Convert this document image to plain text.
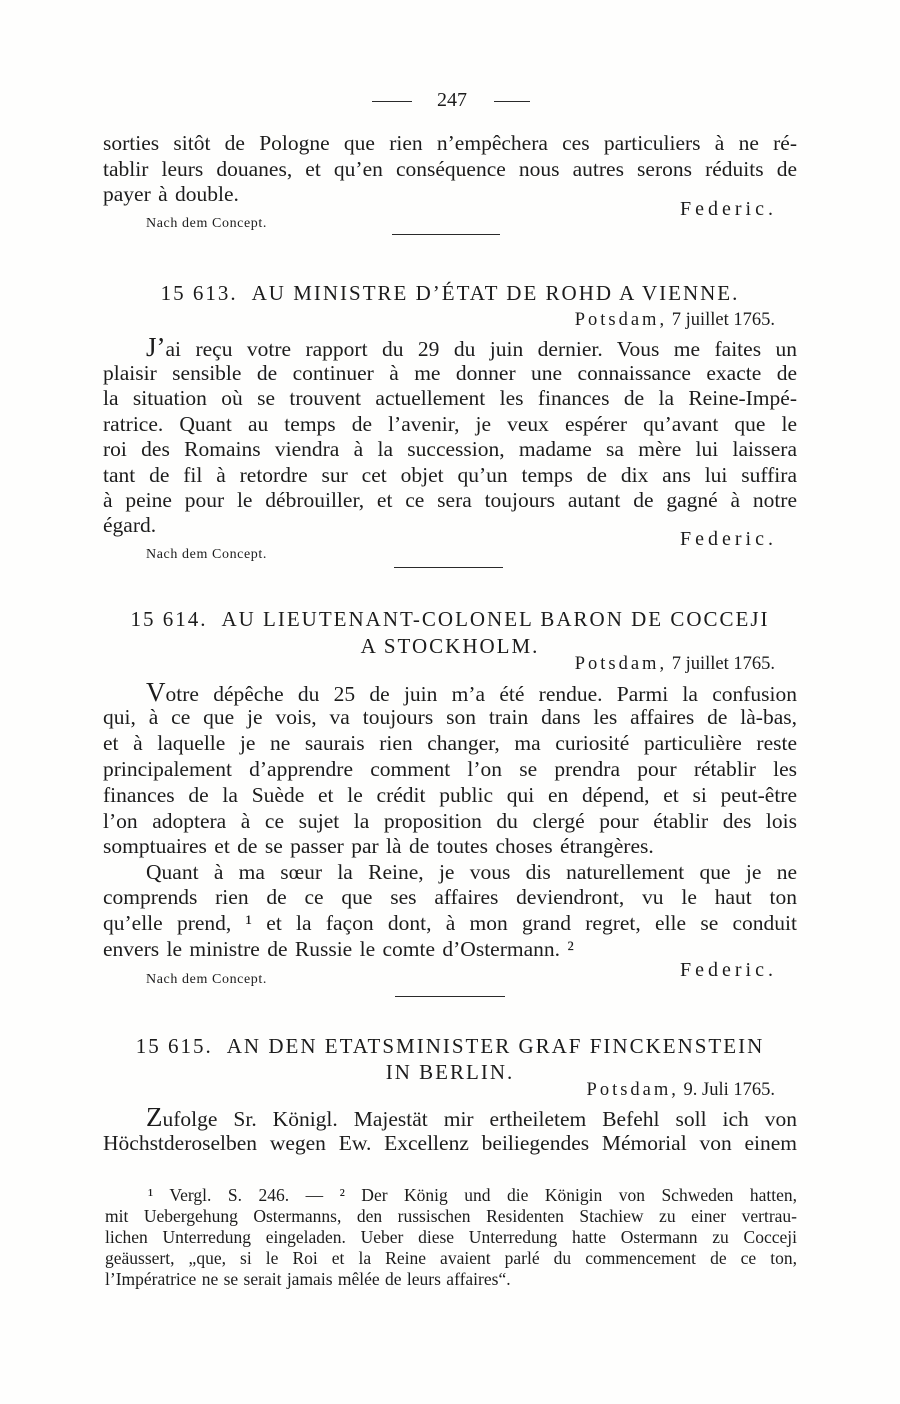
247
sorties sitôt de Pologne que rien n’empêchera ces particuliers à ne ré-
tablir leurs douanes, et qu’en conséquence nous autres serons réduits de
payer à double.
Federic.
Nach dem Concept.
15 613. AU MINISTRE D’ÉTAT DE ROHD A VIENNE.
Potsdam, 7 juillet 1765.
J’ai reçu votre rapport du 29 du juin dernier. Vous me faites un
plaisir sensible de continuer à me donner une connaissance exacte de
la situation où se trouvent actuellement les finances de la Reine-Impé-
ratrice. Quant au temps de l’avenir, je veux espérer qu’avant que le
roi des Romains viendra à la succession, madame sa mère lui laissera
tant de fil à retordre sur cet objet qu’un temps de dix ans lui suffira
à peine pour le débrouiller, et ce sera toujours autant de gagné à notre
égard.
Federic.
Nach dem Concept.
15 614. AU LIEUTENANT-COLONEL BARON DE COCCEJI
A STOCKHOLM.
Potsdam, 7 juillet 1765.
Votre dépêche du 25 de juin m’a été rendue. Parmi la confusion
qui, à ce que je vois, va toujours son train dans les affaires de là-bas,
et à laquelle je ne saurais rien changer, ma curiosité particulière reste
principalement d’apprendre comment l’on se prendra pour rétablir les
finances de la Suède et le crédit public qui en dépend, et si peut-être
l’on adoptera à ce sujet la proposition du clergé pour établir des lois
somptuaires et de se passer par là de toutes choses étrangères.
Quant à ma sœur la Reine, je vous dis naturellement que je ne
comprends rien de ce que ses affaires deviendront, vu le haut ton
qu’elle prend, ¹ et la façon dont, à mon grand regret, elle se conduit
envers le ministre de Russie le comte d’Ostermann. ²
Federic.
Nach dem Concept.
15 615. AN DEN ETATSMINISTER GRAF FINCKENSTEIN
IN BERLIN.
Potsdam, 9. Juli 1765.
Zufolge Sr. Königl. Majestät mir ertheiletem Befehl soll ich von
Höchstderoselben wegen Ew. Excellenz beiliegendes Mémorial von einem
¹ Vergl. S. 246. — ² Der König und die Königin von Schweden hatten,
mit Uebergehung Ostermanns, den russischen Residenten Stachiew zu einer vertrau-
lichen Unterredung eingeladen. Ueber diese Unterredung hatte Ostermann zu Cocceji
geäussert, „que, si le Roi et la Reine avaient parlé du commencement de ce ton,
l’Impératrice ne se serait jamais mêlée de leurs affaires“.
